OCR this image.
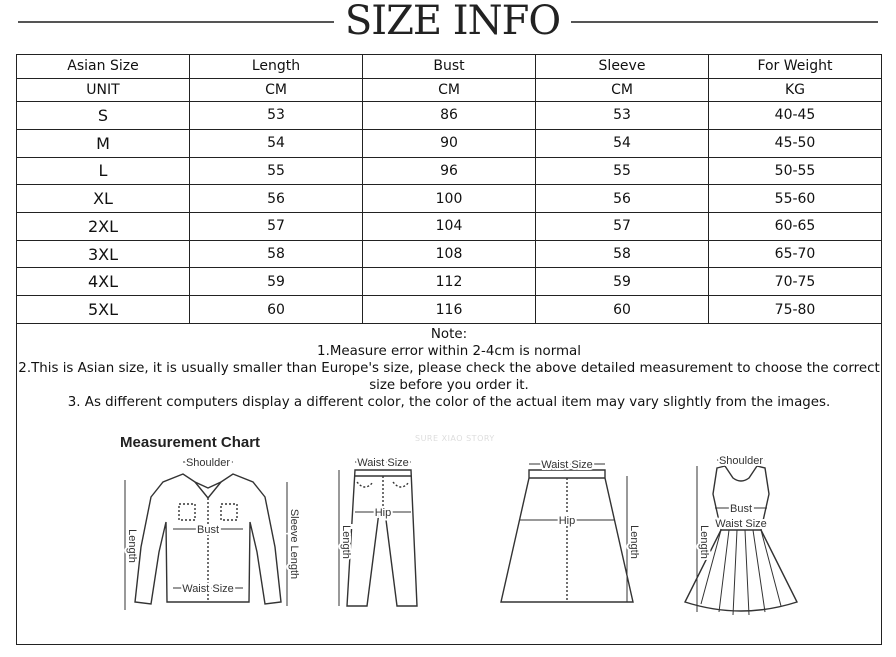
SIZE INFO
Asian Size	Length	Bust	Sleeve	For Weight
UNIT	CM	CM	CM	KG
S	53	86	53	40-45
M	54	90	54	45-50
L	55	96	55	50-55
XL	56	100	56	55-60
2XL	57	104	57	60-65
3XL	58	108	58	65-70
4XL	59	112	59	70-75
5XL	60	116	60	75-80

Note:

1.Measure error within 2-4cm is normal

2.This is Asian size, it is usually smaller than Europe's size, please check the above detailed measurement to choose the correct size before you order it.

3. As different computers display a different color, the color of the actual item may vary slightly from the images.

Measurement Chart	SURE XIAO STORY
Shoulder
Bust
Waist Size
Length	Sleeve Length
Waist Size
Hip
Length
Waist Size
Hip
Length
Shoulder
Bust
Waist Size
Length
